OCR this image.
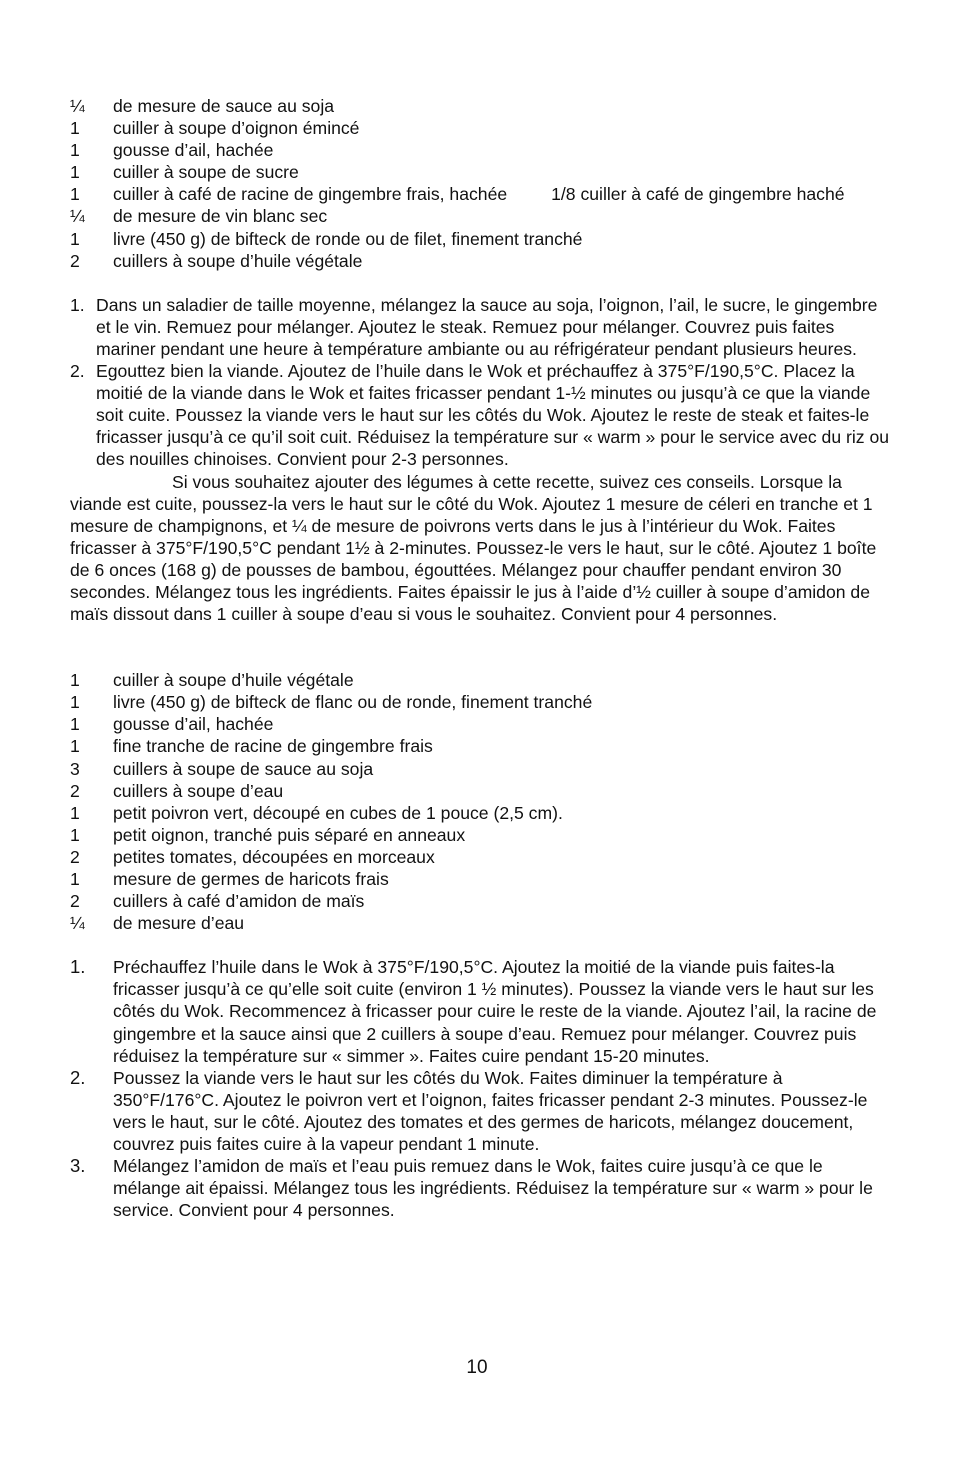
¼	de mesure de sauce au soja
1	cuiller à soupe d’oignon émincé
1	gousse d’ail, hachée
1	cuiller à soupe de sucre
1	cuiller à café de racine de gingembre frais, hachée         1/8 cuiller à café de gingembre haché
¼	de mesure de vin blanc sec
1	livre (450 g) de bifteck de ronde ou de filet, finement tranché
2	cuillers à soupe d’huile végétale
1. Dans un saladier de taille moyenne, mélangez la sauce au soja, l’oignon, l’ail, le sucre, le gingembre et le vin. Remuez pour mélanger. Ajoutez le steak. Remuez pour mélanger. Couvrez puis faites mariner pendant une heure à température ambiante ou au réfrigérateur pendant plusieurs heures.
2. Egouttez bien la viande. Ajoutez de l’huile dans le Wok et préchauffez à 375°F/190,5°C. Placez la moitié de la viande dans le Wok et faites fricasser pendant 1-½ minutes ou jusqu’à ce que la viande soit cuite. Poussez la viande vers le haut sur les côtés du Wok. Ajoutez le reste de steak et faites-le fricasser jusqu’à ce qu’il soit cuit. Réduisez la température sur « warm » pour le service avec du riz ou des nouilles chinoises. Convient pour 2-3 personnes.
Si vous souhaitez ajouter des légumes à cette recette, suivez ces conseils. Lorsque la viande est cuite, poussez-la vers le haut sur le côté du Wok. Ajoutez 1 mesure de céleri en tranche et 1 mesure de champignons, et ¼ de mesure de poivrons verts dans le jus à l’intérieur du Wok. Faites fricasser à 375°F/190,5°C pendant 1½ à 2-minutes. Poussez-le vers le haut, sur le côté. Ajoutez 1 boîte de 6 onces (168 g) de pousses de bambou, égouttées. Mélangez pour chauffer pendant environ 30 secondes. Mélangez tous les ingrédients. Faites épaissir le jus à l’aide d’½ cuiller à soupe d’amidon de maïs dissout dans 1 cuiller à soupe d’eau si vous le souhaitez. Convient pour 4 personnes.
1	cuiller à soupe d’huile végétale
1	livre (450 g) de bifteck de flanc ou de ronde, finement tranché
1	gousse d’ail, hachée
1	fine tranche de racine de gingembre frais
3	cuillers à soupe de sauce au soja
2	cuillers à soupe d’eau
1	petit poivron vert, découpé en cubes de 1 pouce (2,5 cm).
1	petit oignon, tranché puis séparé en anneaux
2	petites tomates, découpées en morceaux
1	mesure de germes de haricots frais
2	cuillers à café d’amidon de maïs
¼	de mesure d’eau
1.	Préchauffez l’huile dans le Wok à 375°F/190,5°C. Ajoutez la moitié de la viande puis faites-la fricasser jusqu’à ce qu’elle soit cuite (environ 1 ½ minutes). Poussez la viande vers le haut sur les côtés du Wok. Recommencez à fricasser pour cuire le reste de la viande. Ajoutez l’ail, la racine de gingembre et la sauce ainsi que 2 cuillers à soupe d’eau. Remuez pour mélanger. Couvrez puis réduisez la température sur « simmer ». Faites cuire pendant 15-20 minutes.
2.	Poussez la viande vers le haut sur les côtés du Wok. Faites diminuer la température à 350°F/176°C. Ajoutez le poivron vert et l’oignon, faites fricasser pendant 2-3 minutes. Poussez-le vers le haut, sur le côté. Ajoutez des tomates et des germes de haricots, mélangez doucement, couvrez puis faites cuire à la vapeur pendant 1 minute.
3.	Mélangez l’amidon de maïs et l’eau puis remuez dans le Wok, faites cuire jusqu’à ce que le mélange ait épaissi. Mélangez tous les ingrédients. Réduisez la température sur « warm » pour le service. Convient pour 4 personnes.
10
